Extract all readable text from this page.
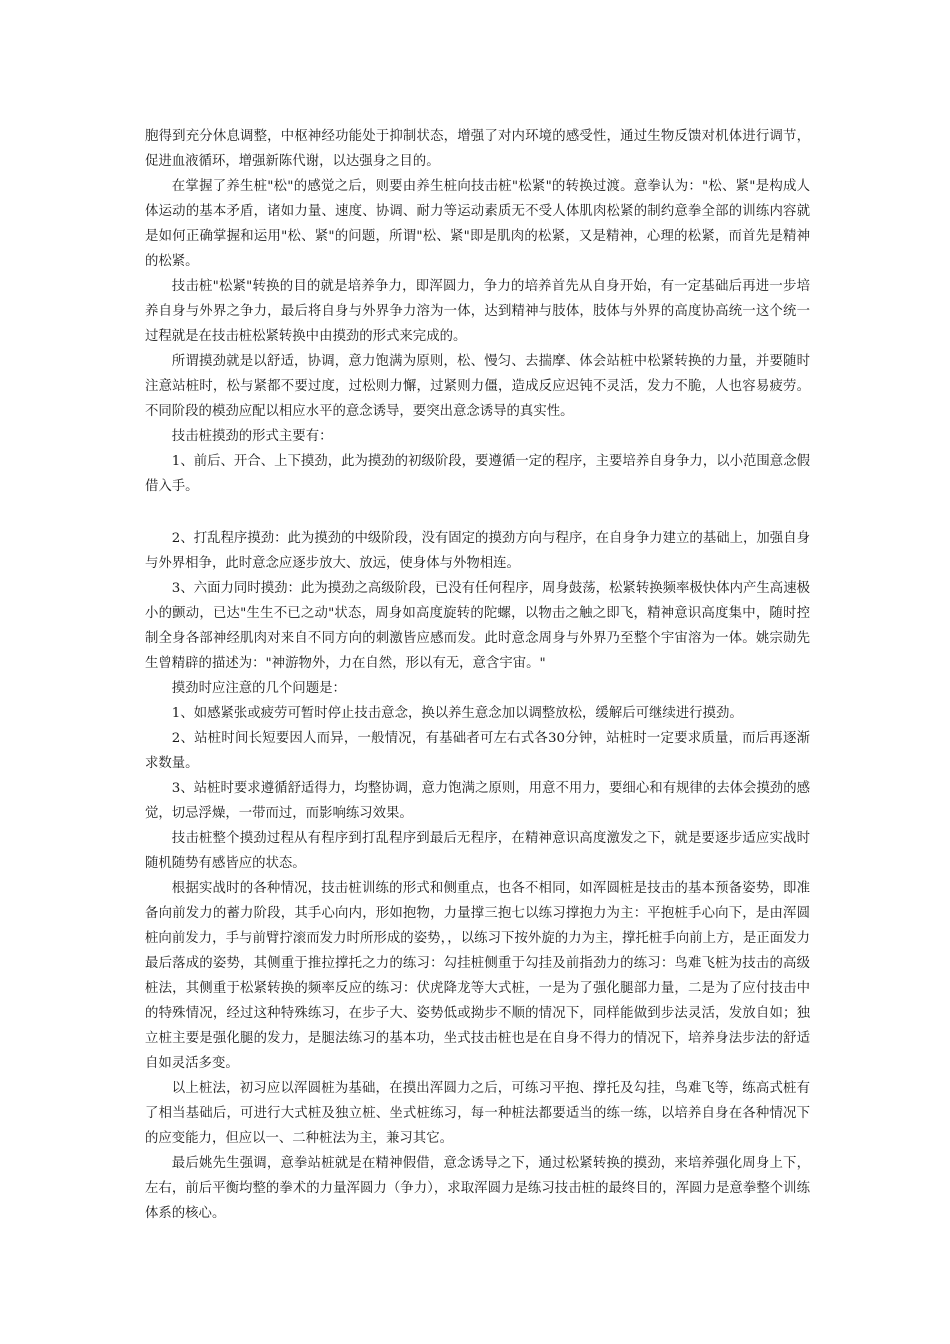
胞得到充分休息调整，中枢神经功能处于抑制状态，增强了对内环境的感受性，通过生物反馈对机体进行调节，促进血液循环，增强新陈代谢，以达强身之目的。

在掌握了养生桩"松"的感觉之后，则要由养生桩向技击桩"松紧"的转换过渡。意拳认为："松、紧"是构成人体运动的基本矛盾，诸如力量、速度、协调、耐力等运动素质无不受人体肌肉松紧的制约意拳全部的训练内容就是如何正确掌握和运用"松、紧"的问题，所谓"松、紧"即是肌肉的松紧，又是精神，心理的松紧，而首先是精神的松紧。

技击桩"松紧"转换的目的就是培养争力，即浑圆力，争力的培养首先从自身开始，有一定基础后再进一步培养自身与外界之争力，最后将自身与外界争力溶为一体，达到精神与肢体，肢体与外界的高度协高统一这个统一过程就是在技击桩松紧转换中由摸劲的形式来完成的。

所谓摸劲就是以舒适，协调，意力饱满为原则，松、慢匀、去揣摩、体会站桩中松紧转换的力量，并要随时注意站桩时，松与紧都不要过度，过松则力懈，过紧则力僵，造成反应迟钝不灵活，发力不脆，人也容易疲劳。不同阶段的模劲应配以相应水平的意念诱导，要突出意念诱导的真实性。

技击桩摸劲的形式主要有：

1、前后、开合、上下摸劲，此为摸劲的初级阶段，要遵循一定的程序，主要培养自身争力，以小范围意念假借入手。

2、打乱程序摸劲：此为摸劲的中级阶段，没有固定的摸劲方向与程序，在自身争力建立的基础上，加强自身与外界相争，此时意念应逐步放大、放远，使身体与外物相连。

3、六面力同时摸劲：此为摸劲之高级阶段，已没有任何程序，周身鼓荡，松紧转换频率极快体内产生高速极小的颤动，已达"生生不已之动"状态，周身如高度旋转的陀螺，以物击之触之即飞，精神意识高度集中，随时控制全身各部神经肌肉对来自不同方向的刺激皆应感而发。此时意念周身与外界乃至整个宇宙溶为一体。姚宗勋先生曾精辟的描述为："神游物外，力在自然，形以有无，意含宇宙。"

摸劲时应注意的几个问题是：

1、如感紧张或疲劳可暂时停止技击意念，换以养生意念加以调整放松，缓解后可继续进行摸劲。

2、站桩时间长短要因人而异，一般情况，有基础者可左右式各30分钟，站桩时一定要求质量，而后再逐渐求数量。

3、站桩时要求遵循舒适得力，均整协调，意力饱满之原则，用意不用力，要细心和有规律的去体会摸劲的感觉，切忌浮燥，一带而过，而影响练习效果。

技击桩整个摸劲过程从有程序到打乱程序到最后无程序，在精神意识高度激发之下，就是要逐步适应实战时随机随势有感皆应的状态。

根据实战时的各种情况，技击桩训练的形式和侧重点，也各不相同，如浑圆桩是技击的基本预备姿势，即准备向前发力的蓄力阶段，其手心向内，形如抱物，力量撑三抱七以练习撑抱力为主：平抱桩手心向下，是由浑圆桩向前发力，手与前臂拧滚而发力时所形成的姿势，，以练习下按外旋的力为主，撑托桩手向前上方，是正面发力最后落成的姿势，其侧重于推拉撑托之力的练习：勾挂桩侧重于勾挂及前指劲力的练习：鸟难飞桩为技击的高级桩法，其侧重于松紧转换的频率反应的练习：伏虎降龙等大式桩，一是为了强化腿部力量，二是为了应付技击中的特殊情况，经过这种特殊练习，在步子大、姿势低或拗步不顺的情况下，同样能做到步法灵活，发放自如；独立桩主要是强化腿的发力，是腿法练习的基本功，坐式技击桩也是在自身不得力的情况下，培养身法步法的舒适自如灵活多变。

以上桩法，初习应以浑圆桩为基础，在摸出浑圆力之后，可练习平抱、撑托及勾挂，鸟难飞等，练高式桩有了相当基础后，可进行大式桩及独立桩、坐式桩练习，每一种桩法都要适当的练一练，以培养自身在各种情况下的应变能力，但应以一、二种桩法为主，兼习其它。

最后姚先生强调，意拳站桩就是在精神假借，意念诱导之下，通过松紧转换的摸劲，来培养强化周身上下，左右，前后平衡均整的拳术的力量浑圆力（争力），求取浑圆力是练习技击桩的最终目的，浑圆力是意拳整个训练体系的核心。
